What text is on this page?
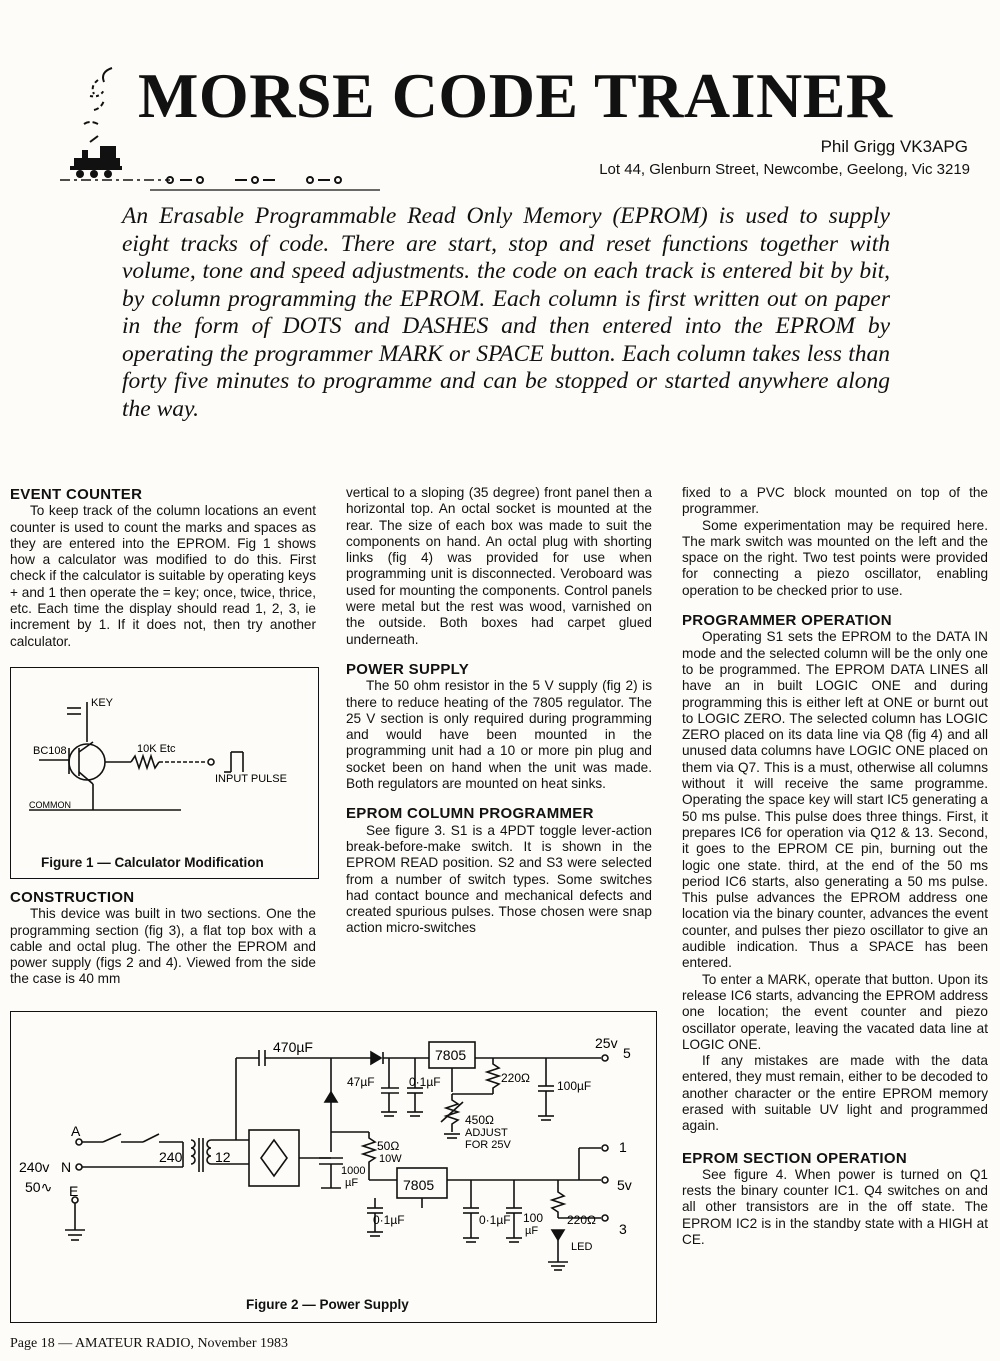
MORSE CODE TRAINER
Phil Grigg VK3APG
Lot 44, Glenburn Street, Newcombe, Geelong, Vic 3219

An Erasable Programmable Read Only Memory (EPROM) is used to supply eight tracks of code. There are start, stop and reset functions together with volume, tone and speed adjustments. the code on each track is entered bit by bit, by column programming the EPROM. Each column is first written out on paper in the form of DOTS and DASHES and then entered into the EPROM by operating the programmer MARK or SPACE button. Each column takes less than forty five minutes to programme and can be stopped or started anywhere along the way.

EVENT COUNTER

To keep track of the column locations an event counter is used to count the marks and spaces as they are entered into the EPROM. Fig 1 shows how a calculator was modified to do this. First check if the calculator is suitable by operating keys + and 1 then operate the = key; once, twice, thrice, etc. Each time the display should read 1, 2, 3, ie increment by 1. If it does not, then try another calculator.

KEY
BC108	10K Etc
INPUT PULSE
COMMON
Figure 1 — Calculator Modification
CONSTRUCTION

This device was built in two sections. One the programming section (fig 3), a flat top box with a cable and octal plug. The other the EPROM and power supply (figs 2 and 4). Viewed from the side the case is 40 mm

vertical to a sloping (35 degree) front panel then a horizontal top. An octal socket is mounted at the rear. The size of each box was made to suit the components on hand. An octal plug with shorting links (fig 4) was provided for use when programming unit is disconnected. Veroboard was used for mounting the components. Control panels were metal but the rest was wood, varnished on the outside. Both boxes had carpet glued underneath.

POWER SUPPLY

The 50 ohm resistor in the 5 V supply (fig 2) is there to reduce heating of the 7805 regulator. The 25 V section is only required during programming and would have been mounted in the programming unit had a 10 or more pin plug and socket been on hand when the unit was made. Both regulators are mounted on heat sinks.

EPROM COLUMN PROGRAMMER

See figure 3. S1 is a 4PDT toggle lever-action break-before-make switch. It is shown in the EPROM READ position. S2 and S3 were selected from a number of switch types. Some switches had contact bounce and mechanical defects and created spurious pulses. Those chosen were snap action micro-switches

fixed to a PVC block mounted on top of the programmer.

Some experimentation may be required here. The mark switch was mounted on the left and the space on the right. Two test points were provided for connecting a piezo oscillator, enabling operation to be checked prior to use.

PROGRAMMER OPERATION

Operating S1 sets the EPROM to the DATA IN mode and the selected column will be the only one to be programmed. The EPROM DATA LINES all have an in built LOGIC ONE and during programming this is either left at ONE or burnt out to LOGIC ZERO. The selected column has LOGIC ZERO placed on its data line via Q8 (fig 4) and all unused data columns have LOGIC ONE placed on them via Q7. This is a must, otherwise all columns without it will receive the same programme. Operating the space key will start IC5 generating a 50 ms pulse. This pulse does three things. First, it prepares IC6 for operation via Q12 & 13. Second, it goes to the EPROM CE pin, burning out the logic one state. third, at the end of the 50 ms period IC6 starts, also generating a 50 ms pulse. This pulse advances the EPROM address one location via the binary counter, advances the event counter, and pulses ther piezo oscillator to give an audible indication. Thus a SPACE has been entered.

To enter a MARK, operate that button. Upon its release IC6 starts, advancing the EPROM address one location; the event counter and piezo oscillator operate, leaving the vacated data line at LOGIC ONE.

If any mistakes are made with the data entered, they must remain, either to be decoded to another character or the entire EPROM memory erased with suitable UV light and programmed again.

EPROM SECTION OPERATION

See figure 4. When power is turned on Q1 rests the binary counter IC1. Q4 switches on and all other transistors are in the off state. The EPROM IC2 is in the standby state with a HIGH at CE.

470µF	7805
25v
5
47µF	0·1µF	220Ω
100µF
450Ω
ADJUST
FOR 25V
A
240v N
50∿ E
240 12
50Ω
10W
1000
µF	7805
1
5v
0·1µF	0·1µF 100
µF
220Ω
3
LED
Figure 2 — Power Supply
Page 18 — AMATEUR RADIO, November 1983
